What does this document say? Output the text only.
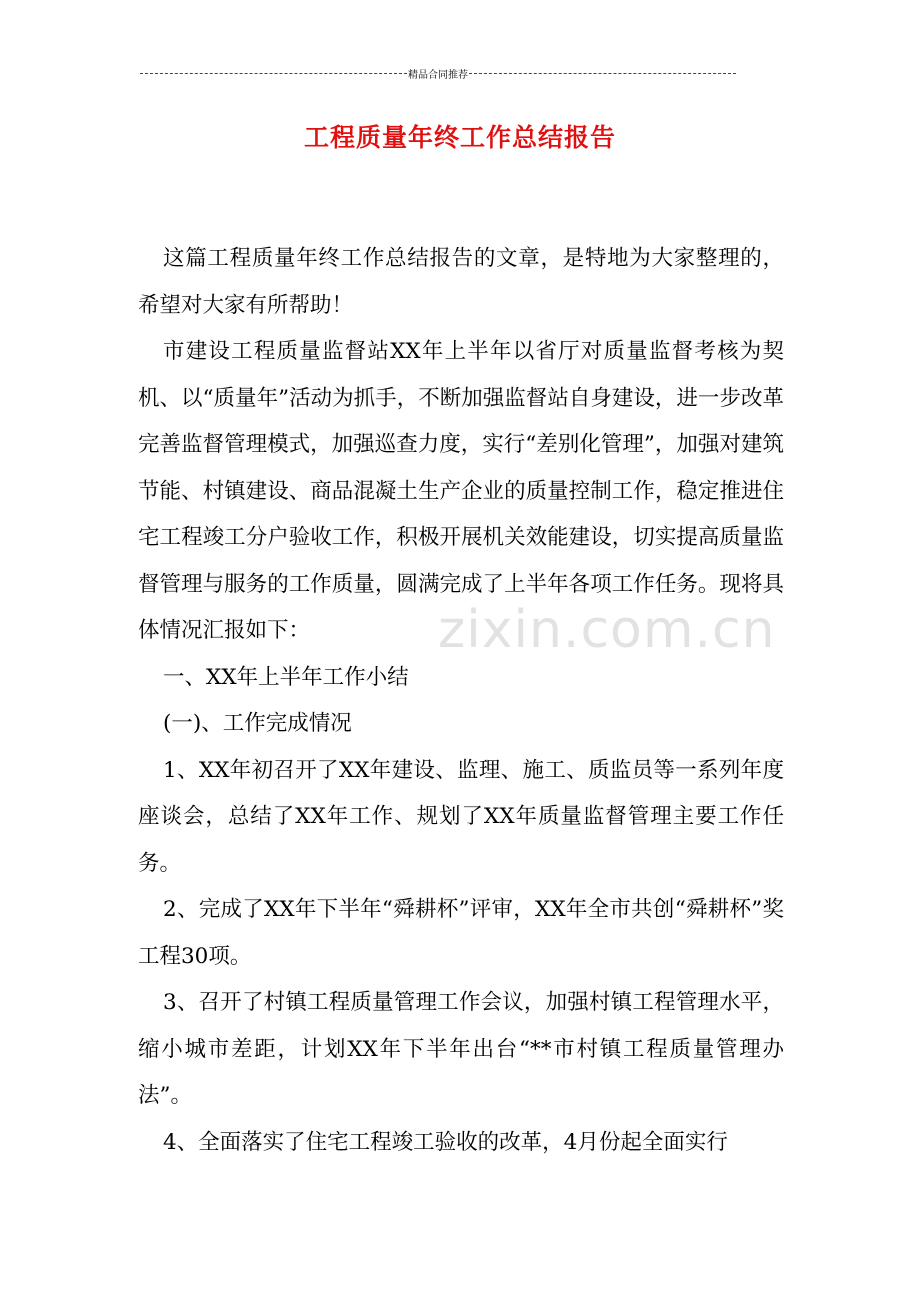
精品合同推荐
工程质量年终工作总结报告

这篇工程质量年终工作总结报告的文章，是特地为大家整理的，希望对大家有所帮助！

市建设工程质量监督站XX年上半年以省厅对质量监督考核为契机、以“质量年”活动为抓手，不断加强监督站自身建设，进一步改革完善监督管理模式，加强巡查力度，实行“差别化管理”，加强对建筑节能、村镇建设、商品混凝土生产企业的质量控制工作，稳定推进住宅工程竣工分户验收工作，积极开展机关效能建设，切实提高质量监督管理与服务的工作质量，圆满完成了上半年各项工作任务。现将具体情况汇报如下：

一、XX年上半年工作小结

(一)、工作完成情况

1、XX年初召开了XX年建设、监理、施工、质监员等一系列年度座谈会，总结了XX年工作、规划了XX年质量监督管理主要工作任务。

2、完成了XX年下半年“舜耕杯”评审，XX年全市共创“舜耕杯”奖工程30项。

3、召开了村镇工程质量管理工作会议，加强村镇工程管理水平，缩小城市差距，计划XX年下半年出台“**市村镇工程质量管理办法”。

4、全面落实了住宅工程竣工验收的改革，4月份起全面实行

zixin.com.cn
